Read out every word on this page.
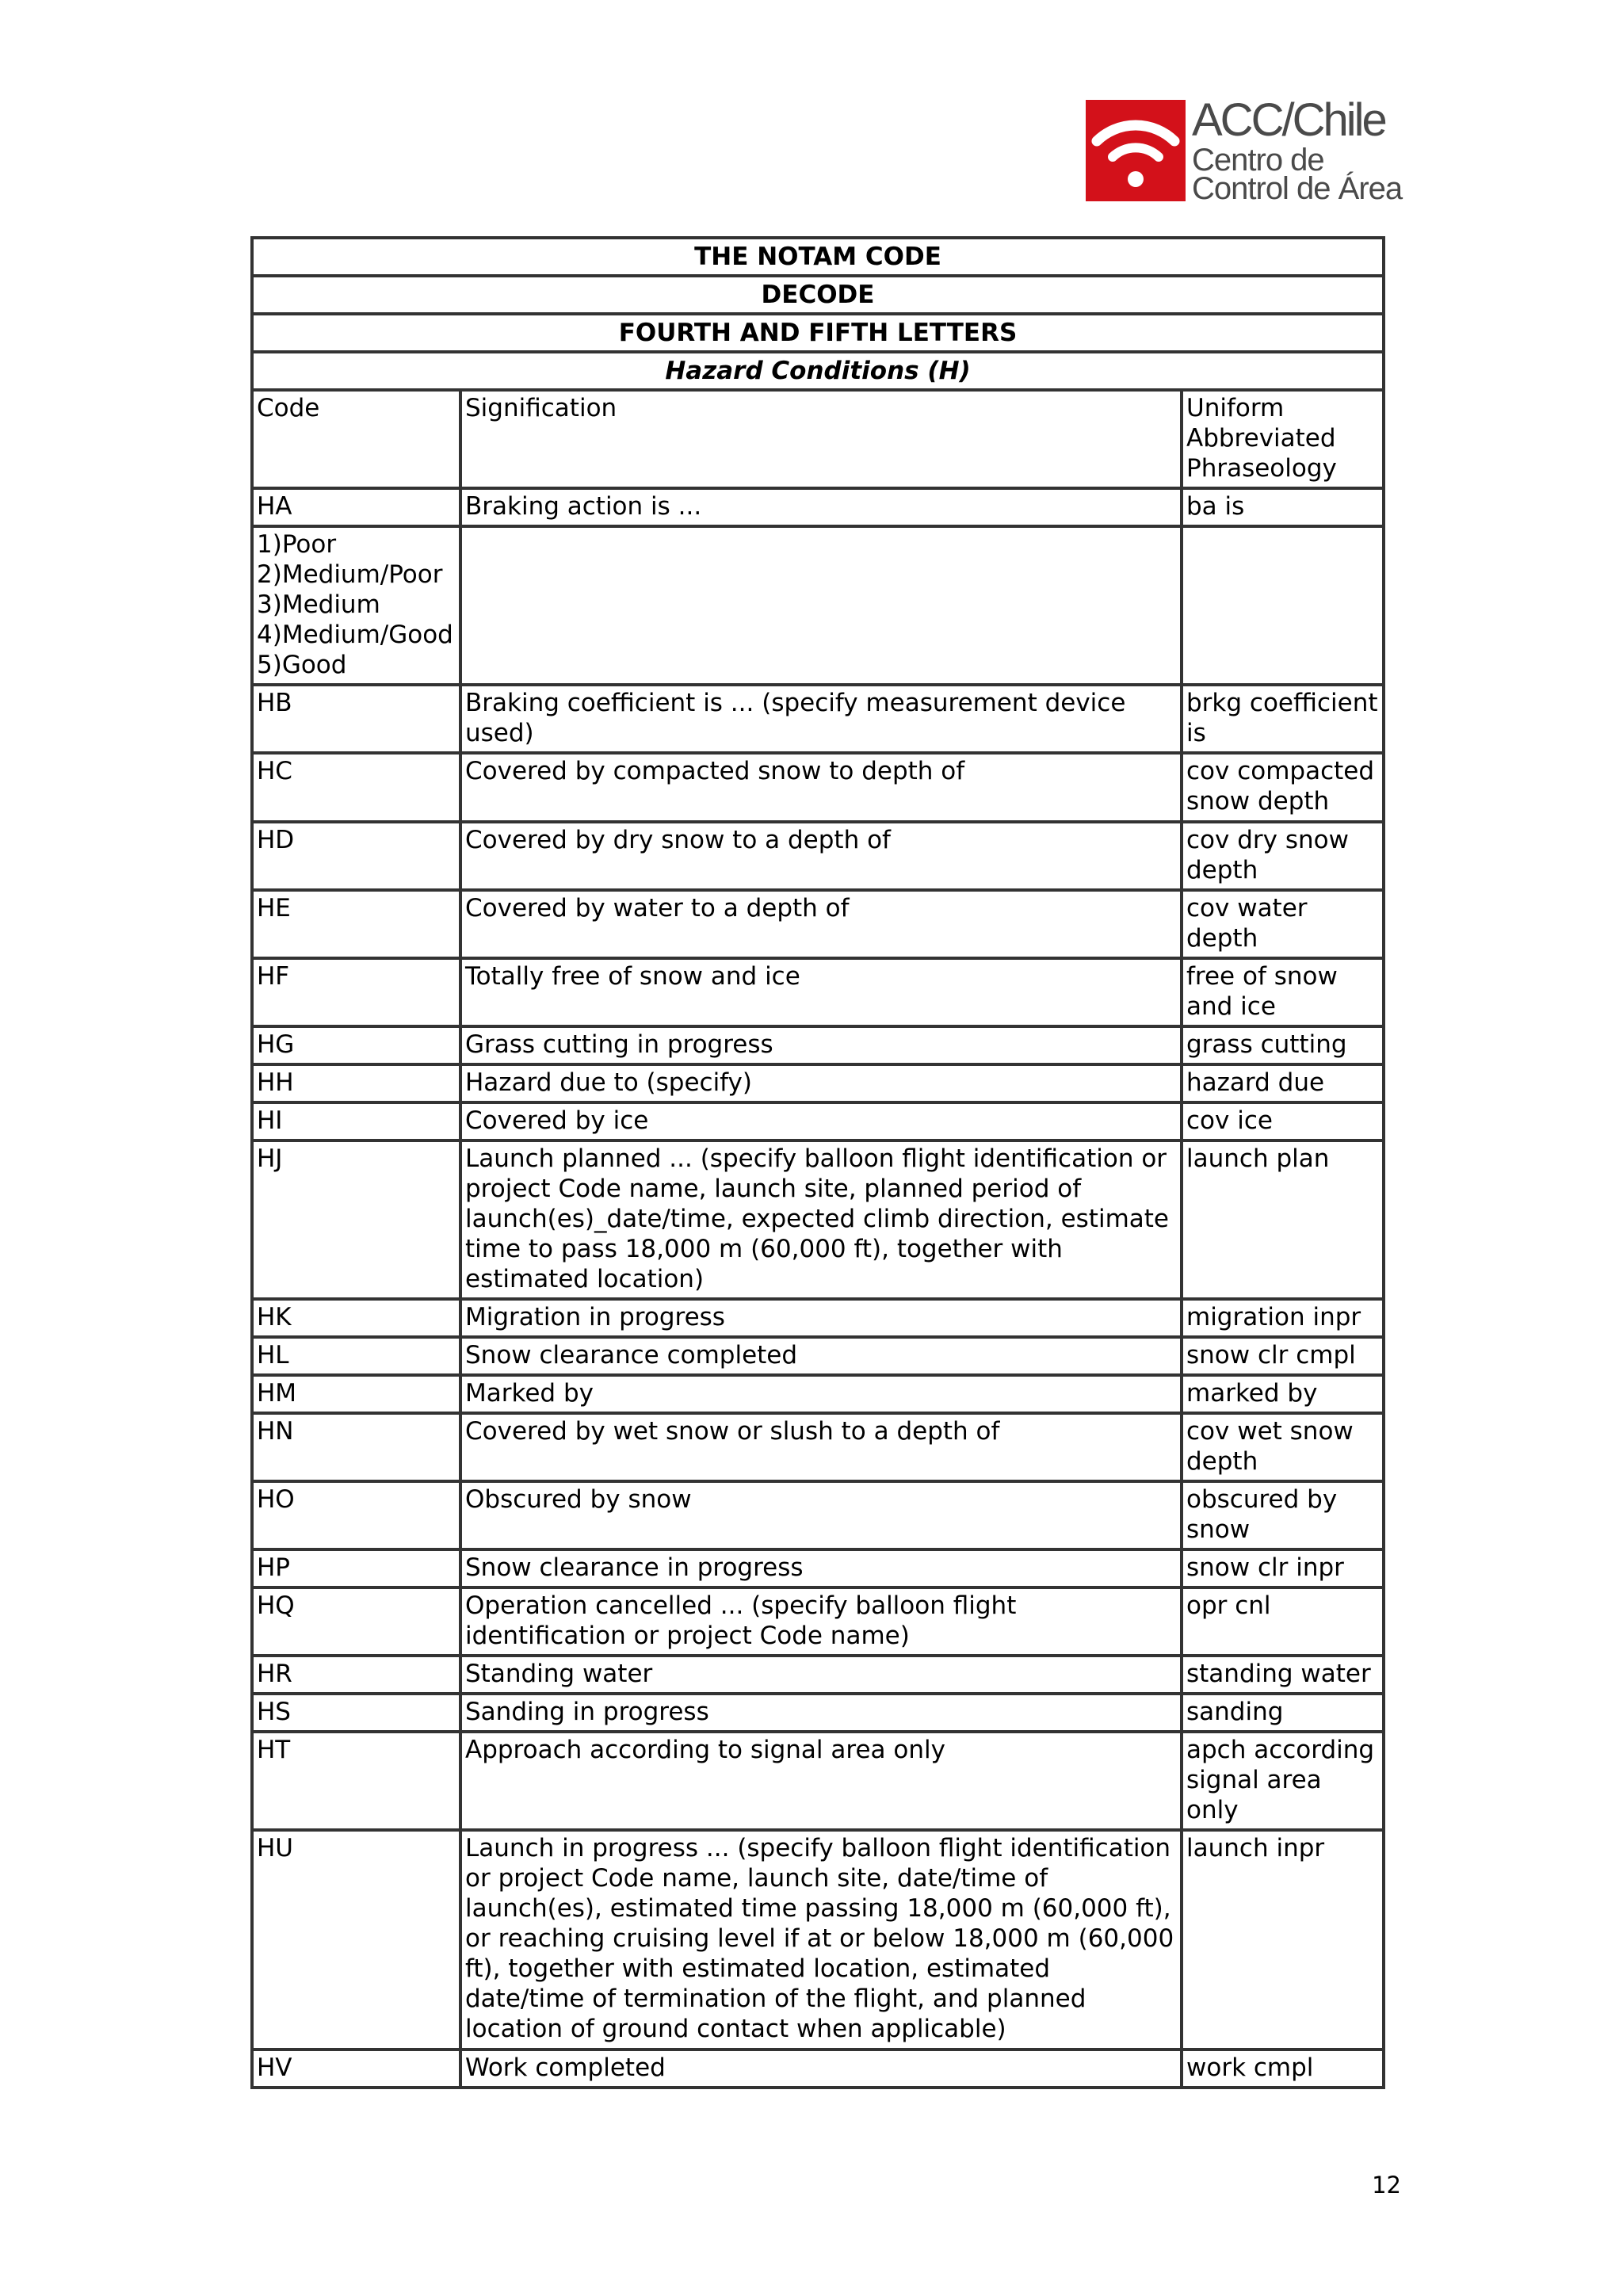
ACC/Chile
Centro de
Control de Área
THE NOTAM CODE		
DECODE		
FOURTH AND FIFTH LETTERS		
Hazard Conditions (H)		
Code	Signification	Uniform Abbreviated Phraseology
HA	Braking action is ...	ba is
1)Poor
2)Medium/Poor
3)Medium
4)Medium/Good
5)Good		
HB	Braking coefficient is ... (specify measurement device used)	brkg coefficient is
HC	Covered by compacted snow to depth of	cov compacted snow depth
HD	Covered by dry snow to a depth of	cov dry snow depth
HE	Covered by water to a depth of	cov water depth
HF	Totally free of snow and ice	free of snow and ice
HG	Grass cutting in progress	grass cutting
HH	Hazard due to (specify)	hazard due
HI	Covered by ice	cov ice
HJ	Launch planned ... (specify balloon flight identification or project Code name, launch site, planned period of launch(es)_date/time, expected climb direction, estimate time to pass 18,000 m (60,000 ft), together with estimated location)	launch plan
HK	Migration in progress	migration inpr
HL	Snow clearance completed	snow clr cmpl
HM	Marked by	marked by
HN	Covered by wet snow or slush to a depth of	cov wet snow depth
HO	Obscured by snow	obscured by snow
HP	Snow clearance in progress	snow clr inpr
HQ	Operation cancelled ... (specify balloon flight identification or project Code name)	opr cnl
HR	Standing water	standing water
HS	Sanding in progress	sanding
HT	Approach according to signal area only	apch according signal area only
HU	Launch in progress ... (specify balloon flight identification or project Code name, launch site, date/time of launch(es), estimated time passing 18,000 m (60,000 ft), or reaching cruising level if at or below 18,000 m (60,000 ft), together with estimated location, estimated date/time of termination of the flight, and planned location of ground contact when applicable)	launch inpr
HV	Work completed	work cmpl
12
